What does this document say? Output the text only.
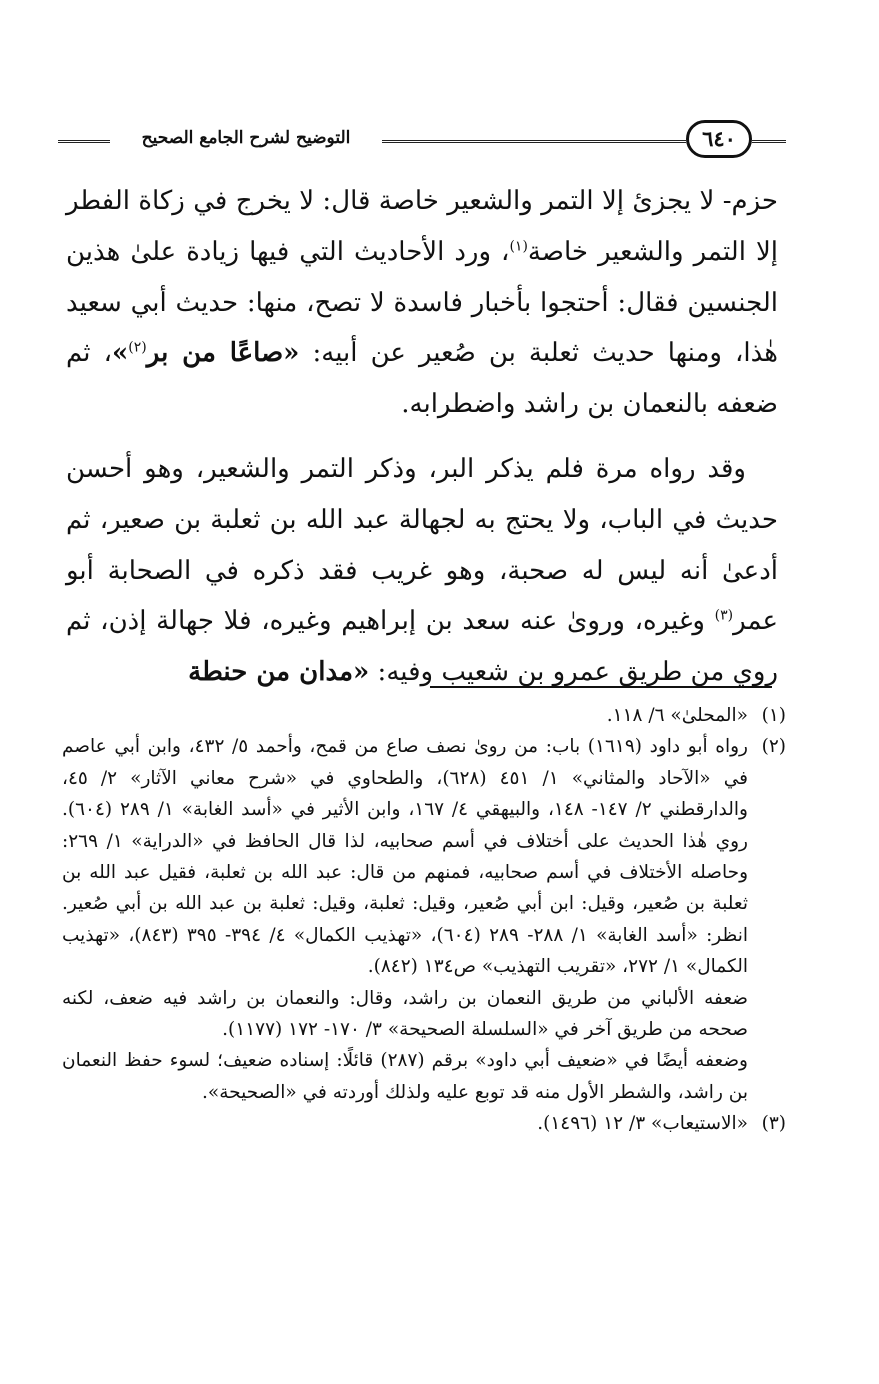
التوضيح لشرح الجامع الصحيح	٦٤٠

حزم- لا يجزئ إلا التمر والشعير خاصة قال: لا يخرج في زكاة الفطر إلا التمر والشعير خاصة$^{(١)}$، ورد الأحاديث التي فيها زيادة علىٰ هذين الجنسين فقال: أحتجوا بأخبار فاسدة لا تصح، منها: حديث أبي سعيد هٰذا، ومنها حديث ثعلبة بن صُعير عن أبيه: «صاعًا من بر$^{(٢)}$»، ثم ضعفه بالنعمان بن راشد واضطرابه.

وقد رواه مرة فلم يذكر البر، وذكر التمر والشعير، وهو أحسن حديث في الباب، ولا يحتج به لجهالة عبد الله بن ثعلبة بن صعير، ثم أدعىٰ أنه ليس له صحبة، وهو غريب فقد ذكره في الصحابة أبو عمر$^{(٣)}$ وغيره، ورویٰ عنه سعد بن إبراهيم وغيره، فلا جهالة إذن، ثم روي من طريق عمرو بن شعيب وفيه: «مدان من حنطة

(١)

«المحلىٰ» ٦/ ١١٨.

(٢)

رواه أبو داود (١٦١٩) باب: من روىٰ نصف صاع من قمح، وأحمد ٥/ ٤٣٢، وابن أبي عاصم في «الآحاد والمثاني» ١/ ٤٥١ (٦٢٨)، والطحاوي في «شرح معاني الآثار» ٢/ ٤٥، والدارقطني ٢/ ١٤٧- ١٤٨، والبيهقي ٤/ ١٦٧، وابن الأثير في «أسد الغابة» ١/ ٢٨٩ (٦٠٤). روي هٰذا الحديث على أختلاف في أسم صحابيه، لذا قال الحافظ في «الدراية» ١/ ٢٦٩: وحاصله الأختلاف في أسم صحابيه، فمنهم من قال: عبد الله بن ثعلبة، فقيل عبد الله بن ثعلبة بن صُعير، وقيل: ابن أبي صُعير، وقيل: ثعلبة، وقيل: ثعلبة بن عبد الله بن أبي صُعير. انظر: «أسد الغابة» ١/ ٢٨٨- ٢٨٩ (٦٠٤)، «تهذيب الكمال» ٤/ ٣٩٤- ٣٩٥ (٨٤٣)، «تهذيب الكمال» ١/ ٢٧٢، «تقريب التهذيب» ص١٣٤ (٨٤٢).

ضعفه الألباني من طريق النعمان بن راشد، وقال: والنعمان بن راشد فيه ضعف، لكنه صححه من طريق آخر في «السلسلة الصحيحة» ٣/ ١٧٠- ١٧٢ (١١٧٧).

وضعفه أيضًا في «ضعيف أبي داود» برقم (٢٨٧) قائلًا: إسناده ضعيف؛ لسوء حفظ النعمان بن راشد، والشطر الأول منه قد توبع عليه ولذلك أوردته في «الصحيحة».

(٣)

«الاستيعاب» ٣/ ١٢ (١٤٩٦).
